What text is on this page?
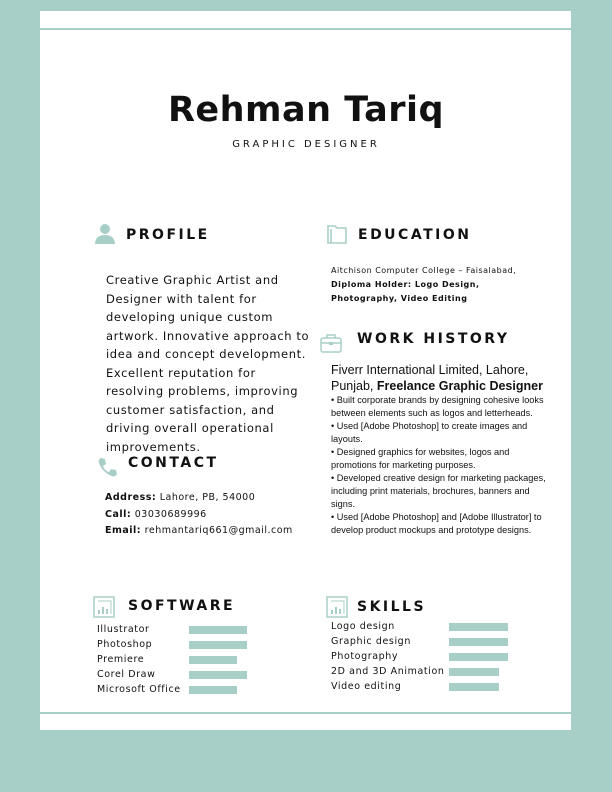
Rehman Tariq
GRAPHIC DESIGNER
PROFILE
Creative Graphic Artist and Designer with talent for developing unique custom artwork. Innovative approach to idea and concept development. Excellent reputation for resolving problems, improving customer satisfaction, and driving overall operational improvements.
CONTACT
Address: Lahore, PB, 54000
Call: 03030689996
Email: rehmantariq661@gmail.com
EDUCATION
Aitchison Computer College – Faisalabad,
Diploma Holder: Logo Design, Photography, Video Editing
WORK HISTORY
Fiverr International Limited, Lahore, Punjab, Freelance Graphic Designer
• Built corporate brands by designing cohesive looks between elements such as logos and letterheads.
• Used [Adobe Photoshop] to create images and layouts.
• Designed graphics for websites, logos and promotions for marketing purposes.
• Developed creative design for marketing packages, including print materials, brochures, banners and signs.
• Used [Adobe Photoshop] and [Adobe Illustrator] to develop product mockups and prototype designs.
SOFTWARE
Illustrator
Photoshop
Premiere
Corel Draw
Microsoft Office
SKILLS
Logo design
Graphic design
Photography
2D and 3D Animation
Video editing
